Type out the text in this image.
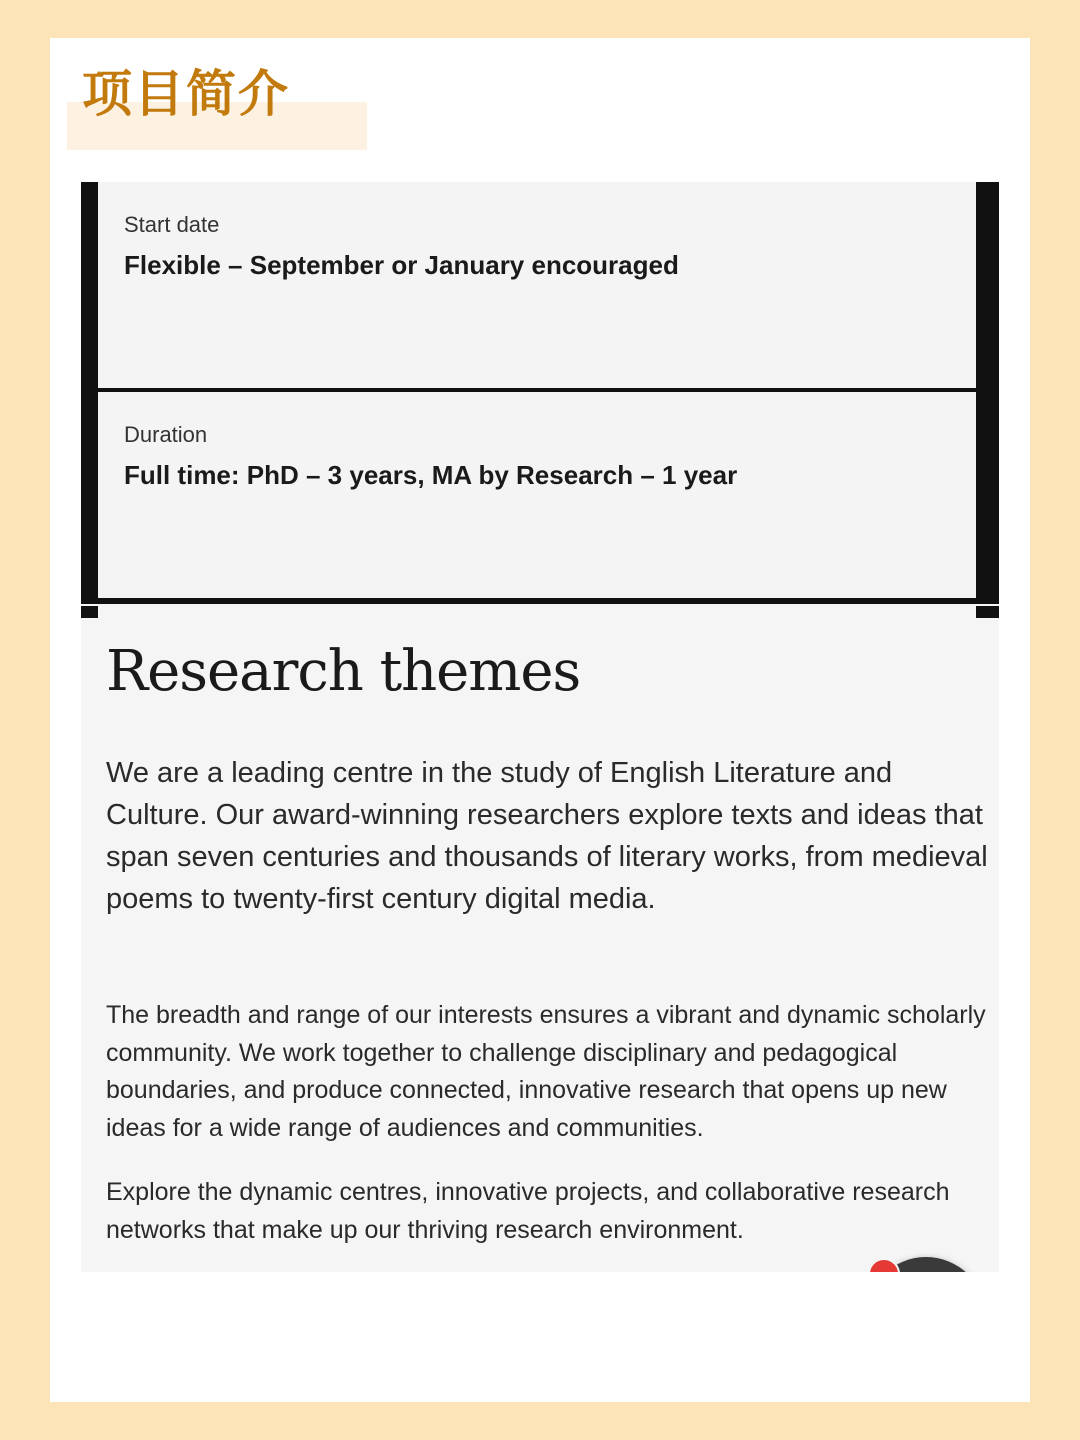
项目简介
Start date
Flexible – September or January encouraged
Duration
Full time: PhD – 3 years, MA by Research – 1 year
Research themes

We are a leading centre in the study of English Literature and Culture. Our award-winning researchers explore texts and ideas that span seven centuries and thousands of literary works, from medieval poems to twenty-first century digital media.

The breadth and range of our interests ensures a vibrant and dynamic scholarly community. We work together to challenge disciplinary and pedagogical boundaries, and produce connected, innovative research that opens up new ideas for a wide range of audiences and communities.

Explore the dynamic centres, innovative projects, and collaborative research networks that make up our thriving research environment.
